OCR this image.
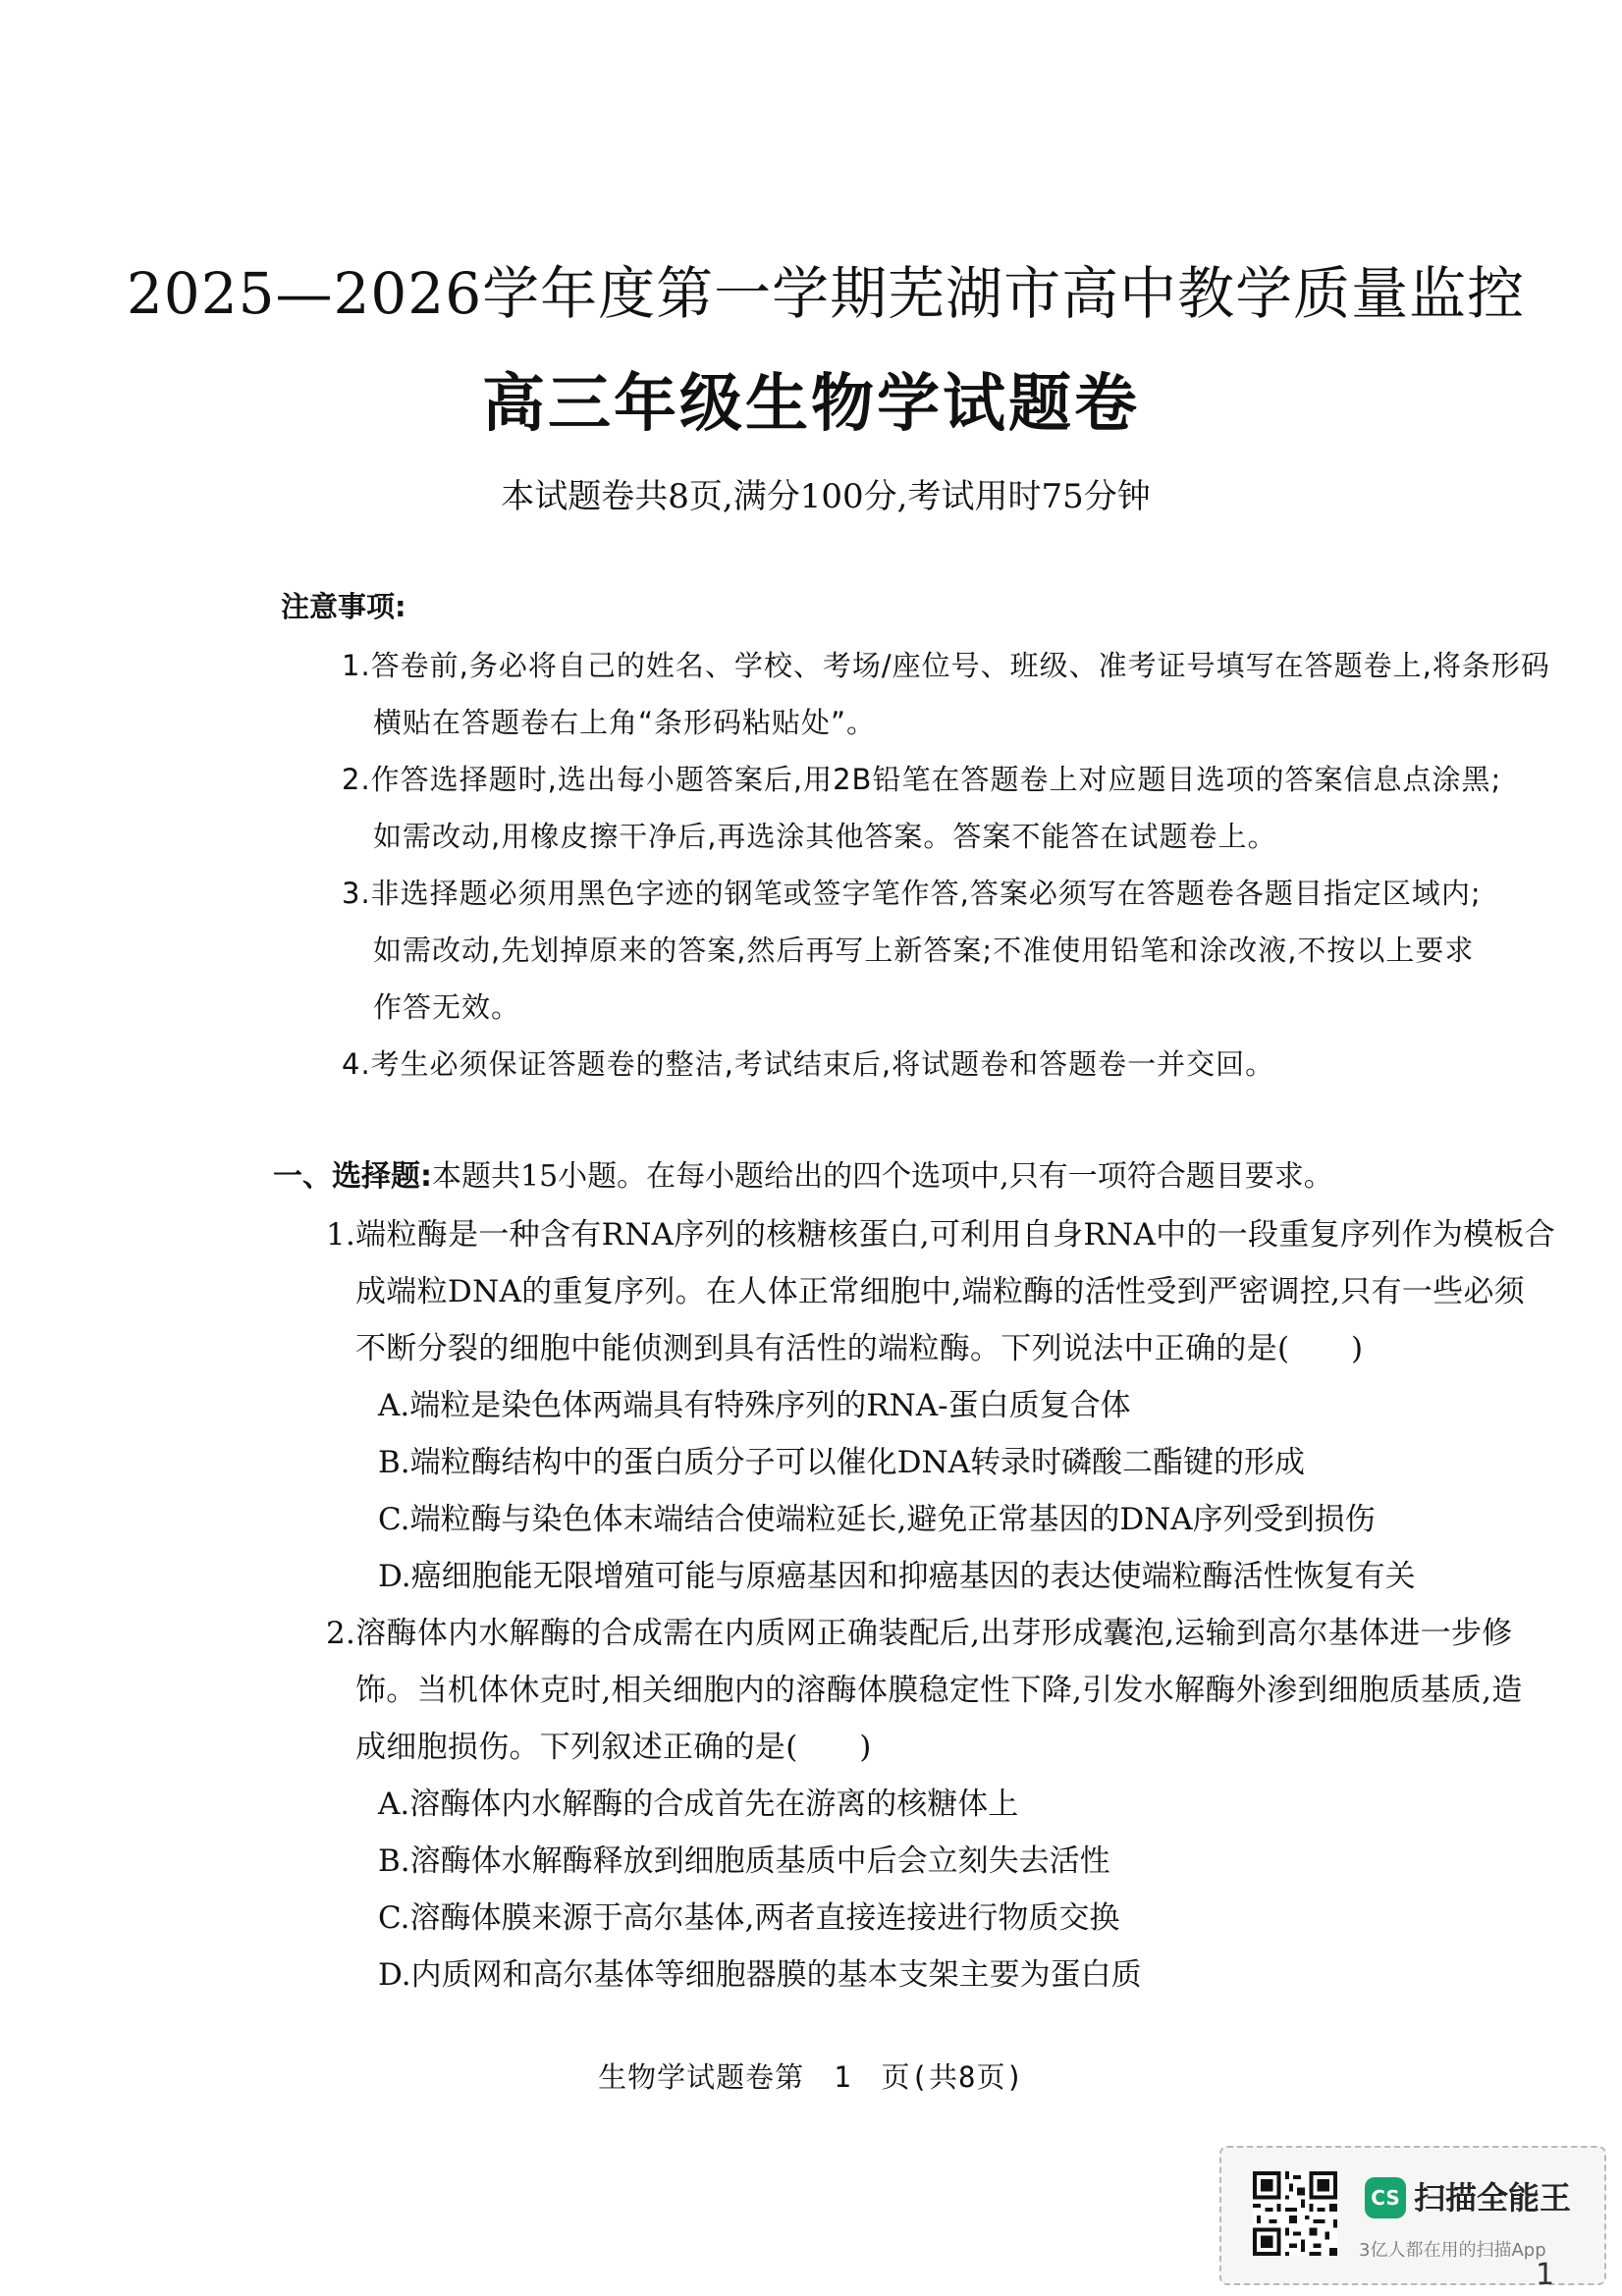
2025—2026学年度第一学期芜湖市高中教学质量监控
高三年级生物学试题卷
本试题卷共8页,满分100分,考试用时75分钟
注意事项:
1.答卷前,务必将自己的姓名、学校、考场/座位号、班级、准考证号填写在答题卷上,将条形码
横贴在答题卷右上角“条形码粘贴处”。
2.作答选择题时,选出每小题答案后,用2B铅笔在答题卷上对应题目选项的答案信息点涂黑;
如需改动,用橡皮擦干净后,再选涂其他答案。答案不能答在试题卷上。
3.非选择题必须用黑色字迹的钢笔或签字笔作答,答案必须写在答题卷各题目指定区域内;
如需改动,先划掉原来的答案,然后再写上新答案;不准使用铅笔和涂改液,不按以上要求
作答无效。
4.考生必须保证答题卷的整洁,考试结束后,将试题卷和答题卷一并交回。
一、选择题:本题共15小题。在每小题给出的四个选项中,只有一项符合题目要求。
1.端粒酶是一种含有RNA序列的核糖核蛋白,可利用自身RNA中的一段重复序列作为模板合
成端粒DNA的重复序列。在人体正常细胞中,端粒酶的活性受到严密调控,只有一些必须
不断分裂的细胞中能侦测到具有活性的端粒酶。下列说法中正确的是(　　)
A.端粒是染色体两端具有特殊序列的RNA-蛋白质复合体
B.端粒酶结构中的蛋白质分子可以催化DNA转录时磷酸二酯键的形成
C.端粒酶与染色体末端结合使端粒延长,避免正常基因的DNA序列受到损伤
D.癌细胞能无限增殖可能与原癌基因和抑癌基因的表达使端粒酶活性恢复有关
2.溶酶体内水解酶的合成需在内质网正确装配后,出芽形成囊泡,运输到高尔基体进一步修
饰。当机体休克时,相关细胞内的溶酶体膜稳定性下降,引发水解酶外渗到细胞质基质,造
成细胞损伤。下列叙述正确的是(　　)
A.溶酶体内水解酶的合成首先在游离的核糖体上
B.溶酶体水解酶释放到细胞质基质中后会立刻失去活性
C.溶酶体膜来源于高尔基体,两者直接连接进行物质交换
D.内质网和高尔基体等细胞器膜的基本支架主要为蛋白质
生物学试题卷第　1　页(共8页)
CS 扫描全能王
3亿人都在用的扫描App
1
